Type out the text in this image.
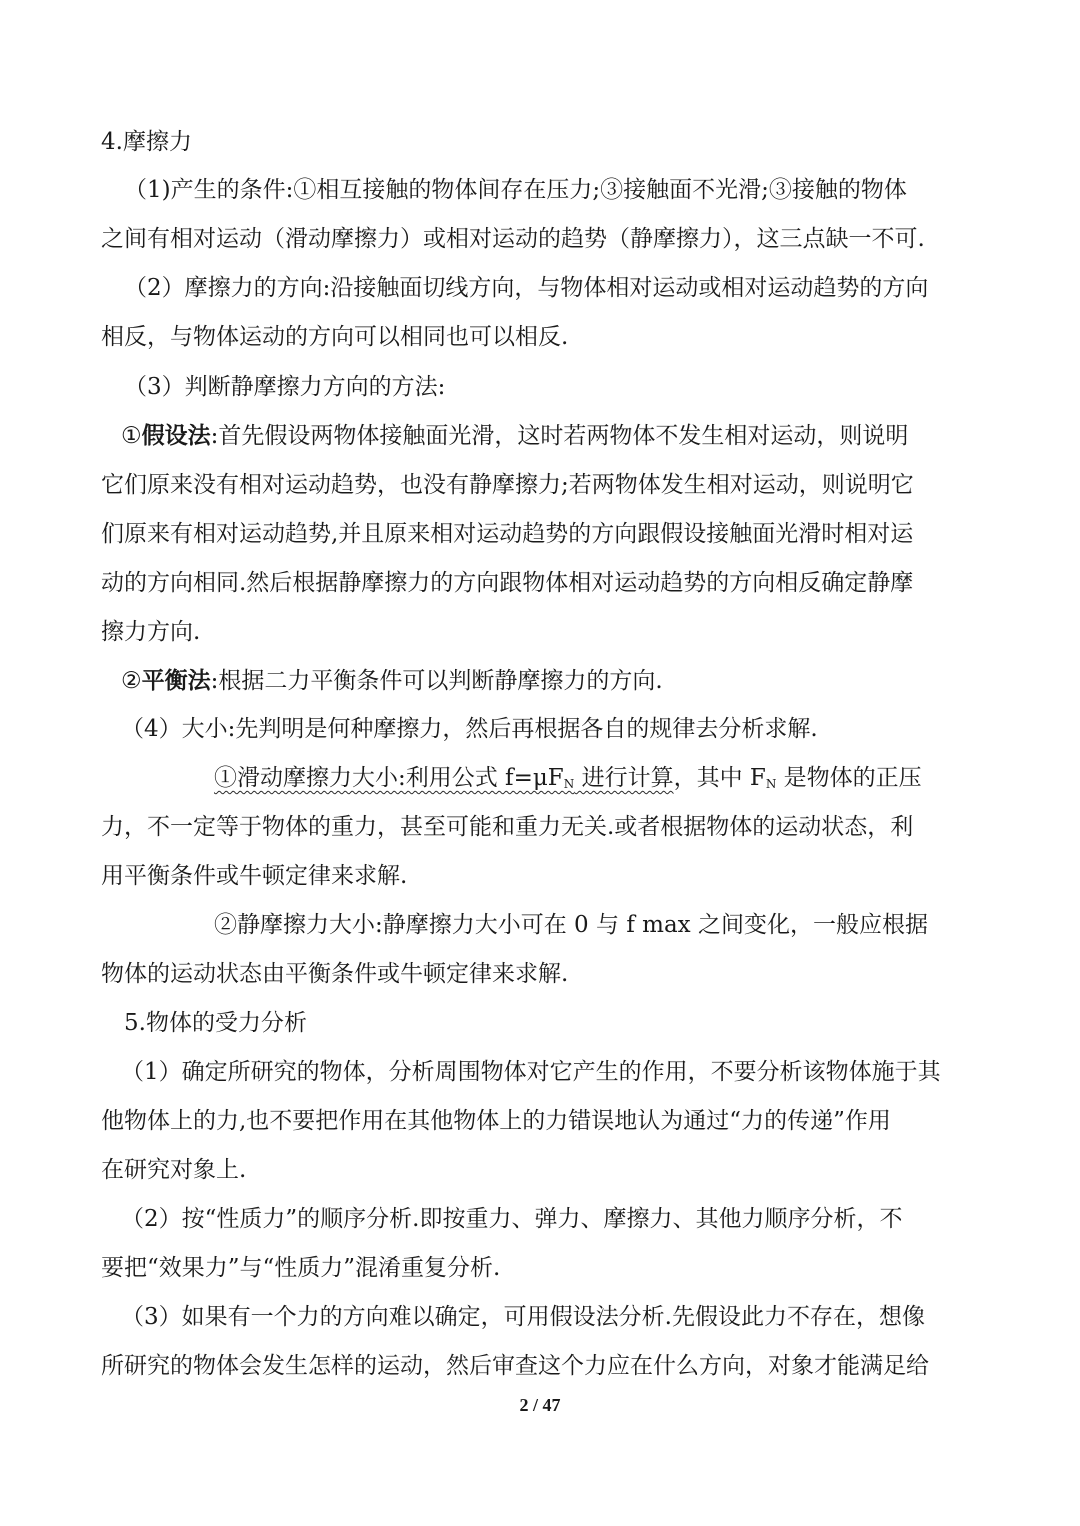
4.摩擦力
（1)产生的条件:①相互接触的物体间存在压力;③接触面不光滑;③接触的物体
之间有相对运动（滑动摩擦力）或相对运动的趋势（静摩擦力），这三点缺一不可.
（2）摩擦力的方向:沿接触面切线方向，与物体相对运动或相对运动趋势的方向
相反，与物体运动的方向可以相同也可以相反.
（3）判断静摩擦力方向的方法:
①假设法:首先假设两物体接触面光滑，这时若两物体不发生相对运动，则说明
它们原来没有相对运动趋势，也没有静摩擦力;若两物体发生相对运动，则说明它
们原来有相对运动趋势,并且原来相对运动趋势的方向跟假设接触面光滑时相对运
动的方向相同.然后根据静摩擦力的方向跟物体相对运动趋势的方向相反确定静摩
擦力方向.
②平衡法:根据二力平衡条件可以判断静摩擦力的方向.
（4）大小:先判明是何种摩擦力，然后再根据各自的规律去分析求解.
①滑动摩擦力大小:利用公式 $f=\mu F_N$ 进行计算，其中 $F_N$ 是物体的正压
力，不一定等于物体的重力，甚至可能和重力无关.或者根据物体的运动状态，利
用平衡条件或牛顿定律来求解.
②静摩擦力大小:静摩擦力大小可在 0 与 f max 之间变化，一般应根据
物体的运动状态由平衡条件或牛顿定律来求解.
5.物体的受力分析
（1）确定所研究的物体，分析周围物体对它产生的作用，不要分析该物体施于其
他物体上的力,也不要把作用在其他物体上的力错误地认为通过“力的传递”作用
在研究对象上.
（2）按“性质力”的顺序分析.即按重力、弹力、摩擦力、其他力顺序分析，不
要把“效果力”与“性质力”混淆重复分析.
（3）如果有一个力的方向难以确定，可用假设法分析.先假设此力不存在，想像
所研究的物体会发生怎样的运动，然后审查这个力应在什么方向，对象才能满足给
2 / 47
